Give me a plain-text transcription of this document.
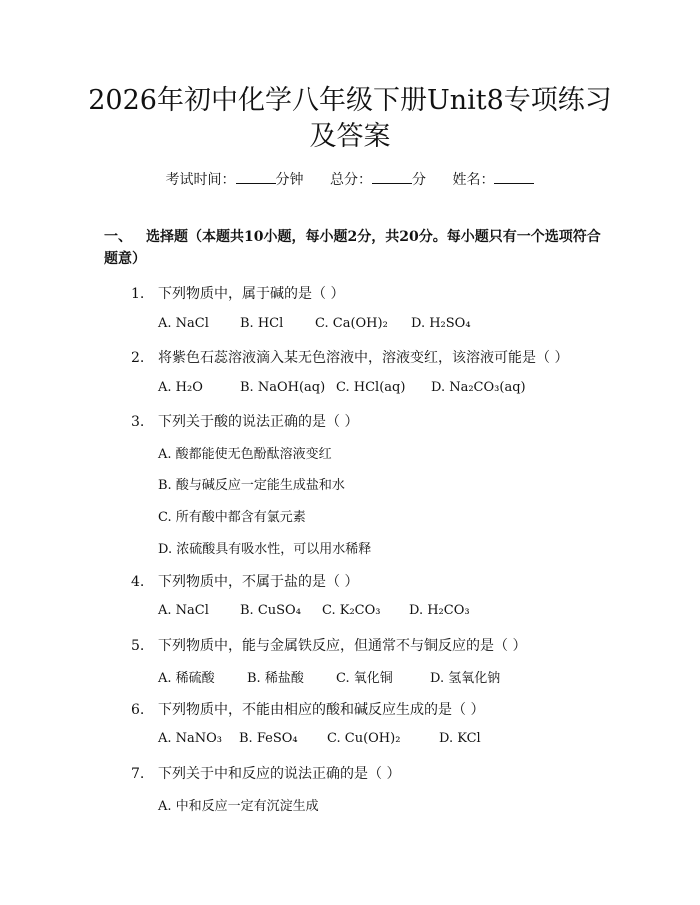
2026年初中化学八年级下册Unit8专项练习
及答案
考试时间：	分钟 总分：	分 姓名：
一、 选择题（本题共10小题，每小题2分，共20分。每小题只有一个选项符合题意）
1. 下列物质中，属于碱的是（ ）
A. NaCl B. HCl C. Ca(OH)₂ D. H₂SO₄
2. 将紫色石蕊溶液滴入某无色溶液中，溶液变红，该溶液可能是（ ）
A. H₂O	B. NaOH(aq) C. HCl(aq) D. Na₂CO₃(aq)
3. 下列关于酸的说法正确的是（ ）
A. 酸都能使无色酚酞溶液变红
B. 酸与碱反应一定能生成盐和水
C. 所有酸中都含有氯元素
D. 浓硫酸具有吸水性，可以用水稀释
4. 下列物质中，不属于盐的是（ ）
A. NaCl B. CuSO₄ C. K₂CO₃ D. H₂CO₃
5. 下列物质中，能与金属铁反应，但通常不与铜反应的是（ ）
A. 稀硫酸 B. 稀盐酸 C. 氧化铜	D. 氢氧化钠
6. 下列物质中，不能由相应的酸和碱反应生成的是（ ）
A. NaNO₃ B. FeSO₄ C. Cu(OH)₂	D. KCl
7. 下列关于中和反应的说法正确的是（ ）
A. 中和反应一定有沉淀生成
